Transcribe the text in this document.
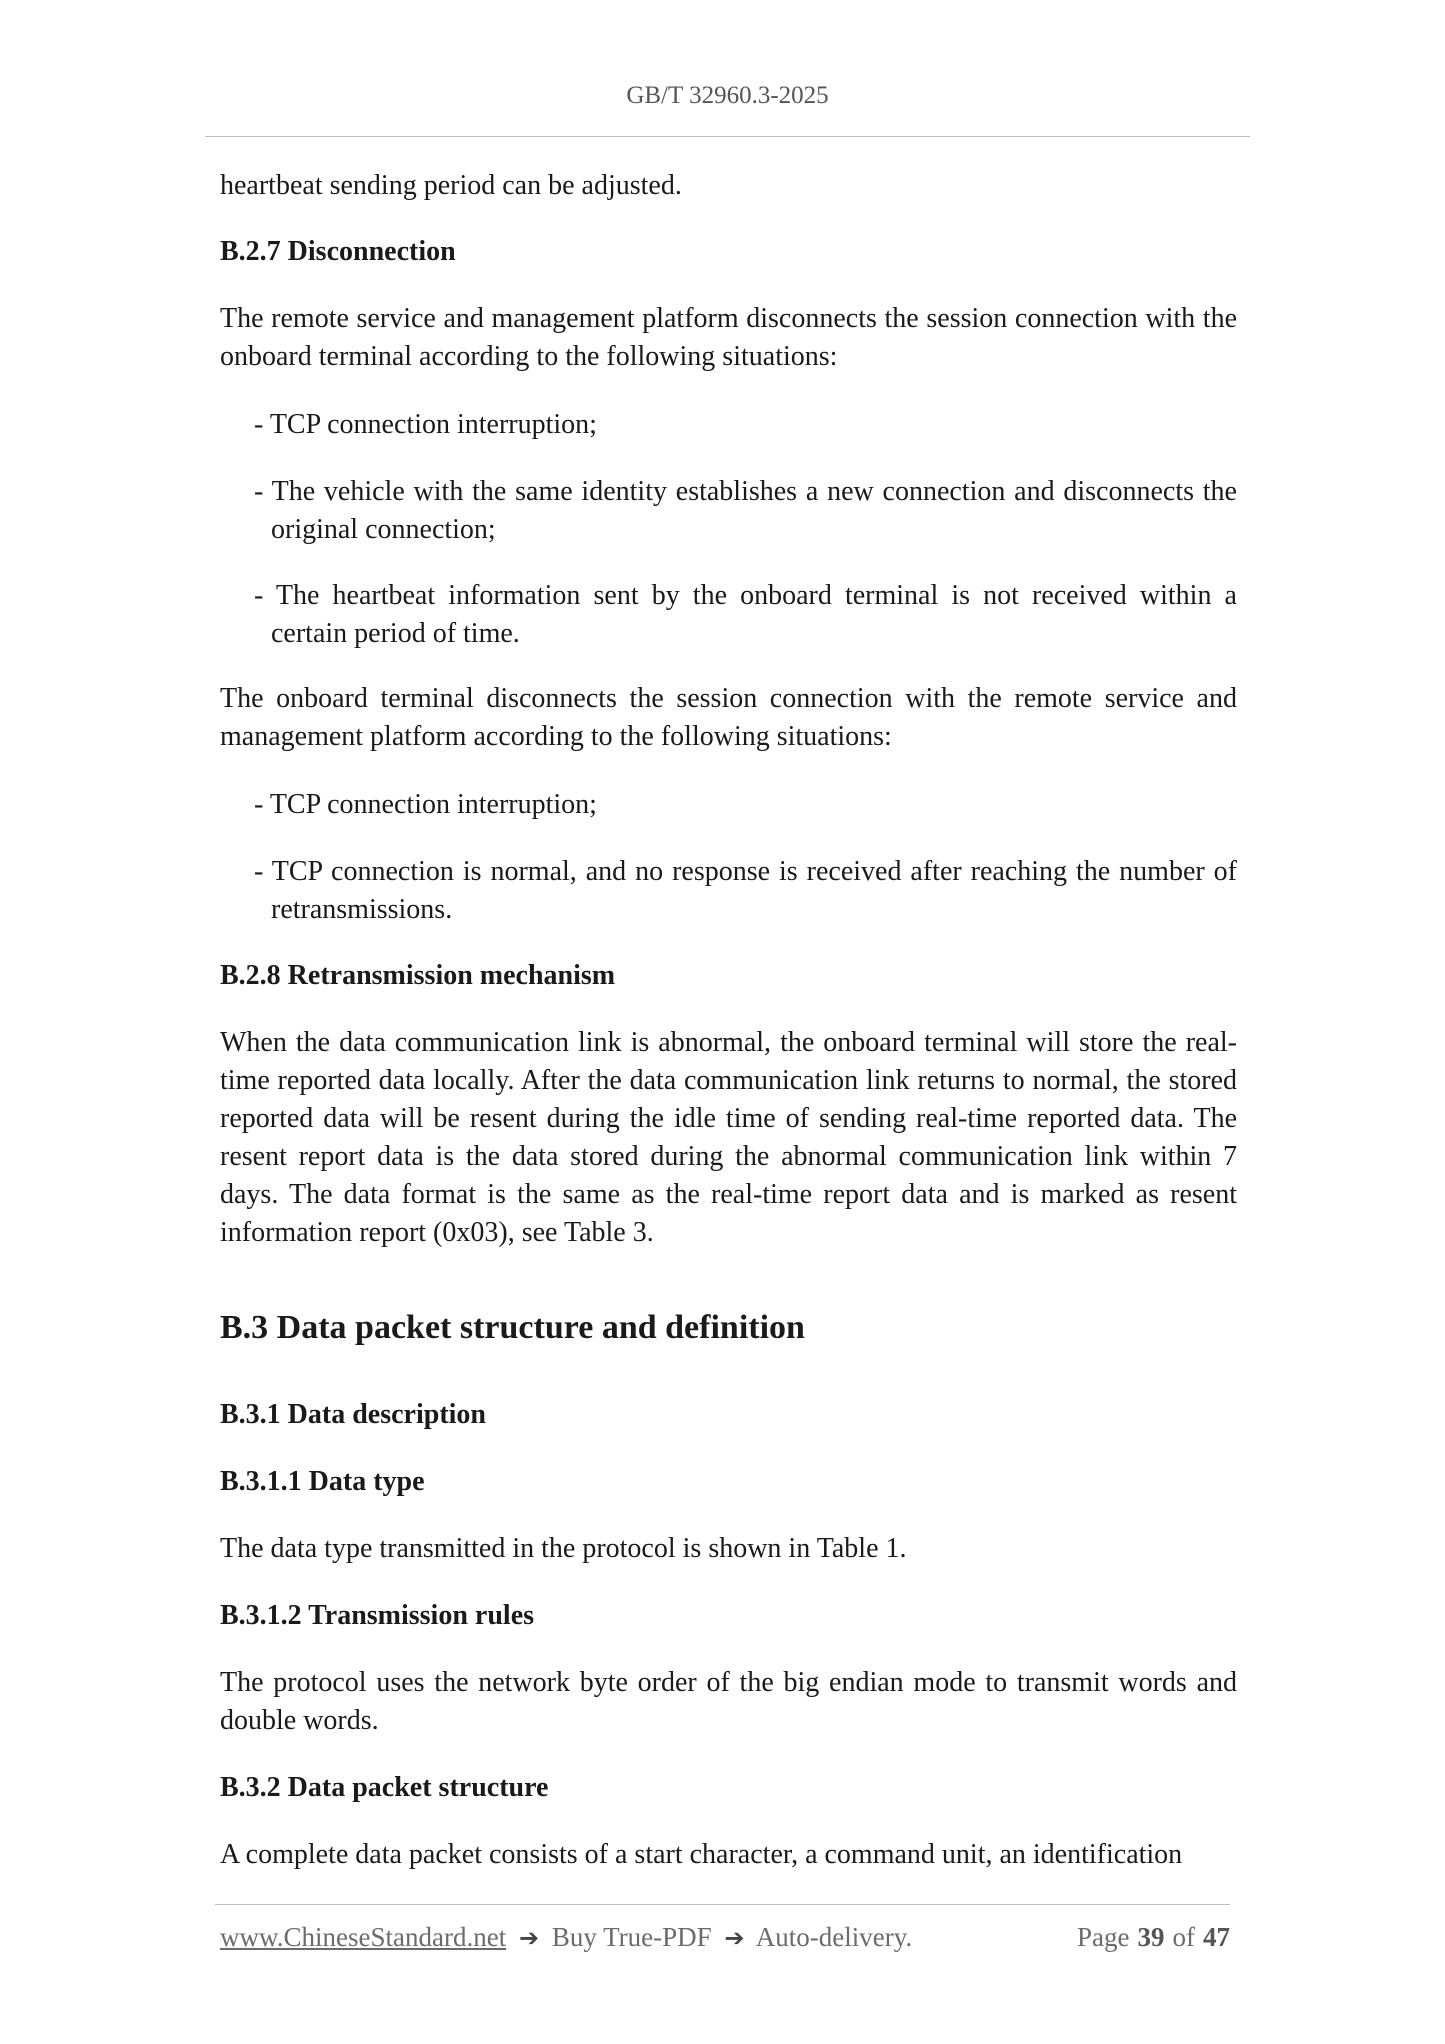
GB/T 32960.3-2025

heartbeat sending period can be adjusted.

B.2.7 Disconnection

The remote service and management platform disconnects the session connection with the onboard terminal according to the following situations:

- TCP connection interruption;

- The vehicle with the same identity establishes a new connection and disconnects the original connection;

- The heartbeat information sent by the onboard terminal is not received within a certain period of time.

The onboard terminal disconnects the session connection with the remote service and management platform according to the following situations:

- TCP connection interruption;

- TCP connection is normal, and no response is received after reaching the number of retransmissions.

B.2.8 Retransmission mechanism

When the data communication link is abnormal, the onboard terminal will store the real-time reported data locally. After the data communication link returns to normal, the stored reported data will be resent during the idle time of sending real-time reported data. The resent report data is the data stored during the abnormal communication link within 7 days. The data format is the same as the real-time report data and is marked as resent information report (0x03), see Table 3.

B.3 Data packet structure and definition
B.3.1 Data description
B.3.1.1 Data type

The data type transmitted in the protocol is shown in Table 1.

B.3.1.2 Transmission rules

The protocol uses the network byte order of the big endian mode to transmit words and double words.

B.3.2 Data packet structure

A complete data packet consists of a start character, a command unit, an identification

www.ChineseStandard.net ➔ Buy True-PDF ➔ Auto-delivery.	Page 39 of 47
